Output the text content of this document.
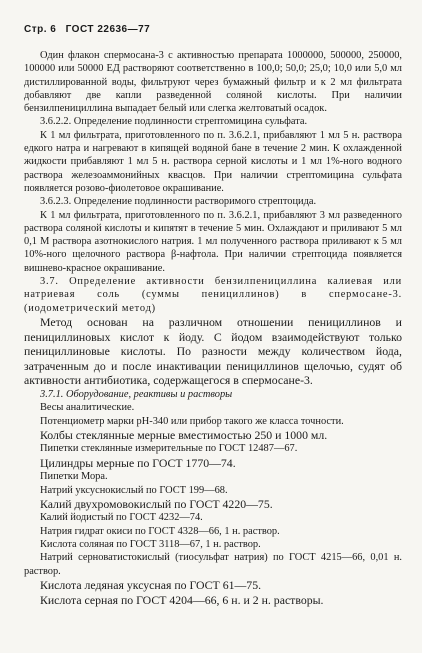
Стр. 6 ГОСТ 22636—77

Один флакон спермосана-3 с активностью препарата 1000000, 500000, 250000, 100000 или 50000 ЕД растворяют соответственно в 100,0; 50,0; 25,0; 10,0 или 5,0 мл дистиллированной воды, фильтруют через бумажный фильтр и к 2 мл фильтрата добавляют две капли разведенной соляной кислоты. При наличии бензилпенициллина выпадает белый или слегка желтоватый осадок.

3.6.2.2. Определение подлинности стрептомицина сульфата.

К 1 мл фильтрата, приготовленного по п. 3.6.2.1, прибавляют 1 мл 5 н. раствора едкого натра и нагревают в кипящей водяной бане в течение 2 мин. К охлажденной жидкости прибавляют 1 мл 5 н. раствора серной кислоты и 1 мл 1%-ного водного раствора железоаммонийных квасцов. При наличии стрептомицина сульфата появляется розово-фиолетовое окрашивание.

3.6.2.3. Определение подлинности растворимого стрептоцида.

К 1 мл фильтрата, приготовленного по п. 3.6.2.1, прибавляют 3 мл разведенного раствора соляной кислоты и кипятят в течение 5 мин. Охлаждают и приливают 5 мл 0,1 М раствора азотнокислого натрия. 1 мл полученного раствора приливают к 5 мл 10%-ного щелочного раствора β-нафтола. При наличии стрептоцида появляется вишнево-красное окрашивание.

3.7. Определение активности бензилпенициллина калиевая или натриевая соль (суммы пенициллинов) в спермосане-3. (иодометрический метод)

Метод основан на различном отношении пенициллинов и пенициллиновых кислот к йоду. С йодом взаимодействуют только пенициллиновые кислоты. По разности между количеством йода, затраченным до и после инактивации пенициллинов щелочью, судят об активности антибиотика, содержащегося в спермосане-3.

3.7.1. Оборудование, реактивы и растворы

Весы аналитические.

Потенциометр марки рН-340 или прибор такого же класса точности.

Колбы стеклянные мерные вместимостью 250 и 1000 мл.

Пипетки стеклянные измерительные по ГОСТ 12487—67.

Цилиндры мерные по ГОСТ 1770—74.

Пипетки Мора.

Натрий уксуснокислый по ГОСТ 199—68.

Калий двухромовокислый по ГОСТ 4220—75.

Калий йодистый по ГОСТ 4232—74.

Натрия гидрат окиси по ГОСТ 4328—66, 1 н. раствор.

Кислота соляная по ГОСТ 3118—67, 1 н. раствор.

Натрий серноватистокислый (тиосульфат натрия) по ГОСТ 4215—66, 0,01 н. раствор.

Кислота ледяная уксусная по ГОСТ 61—75.

Кислота серная по ГОСТ 4204—66, 6 н. и 2 н. растворы.
